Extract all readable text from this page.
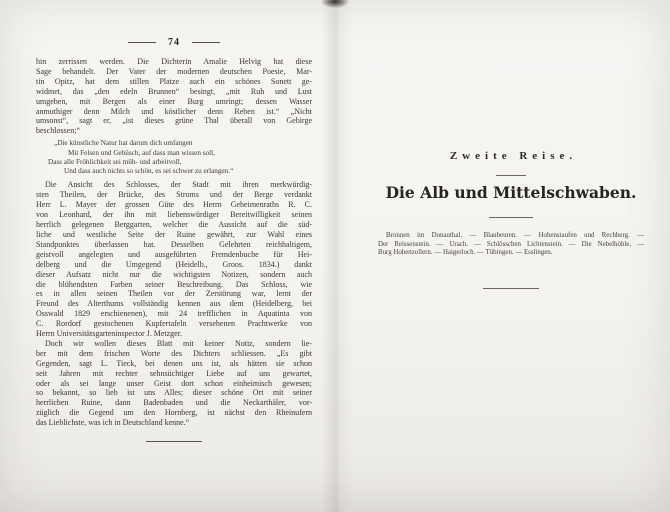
74
hin zerrissen werden. Die Dichterin Amalie Helvig hat diese
Sage behandelt. Der Vater der modernen deutschen Poesie, Mar-
tin Opitz, hat dem stillen Platze auch ein schönes Sonett ge-
widmet, das „den edeln Brunnen“ besingt, „mit Ruh und Lust
umgeben, mit Bergen als einer Burg umringt; dessen Wasser
anmuthiger denn Milch und köstlicher denn Reben ist.“ „Nicht
umsonst“, sagt er, „ist dieses grüne Thal überall von Gebirge
beschlossen;“
„Die künstliche Natur hat darum dich umfangen
Mit Felsen und Gebüsch, auf dass man wissen soll,
Dass alle Fröhlichkeit sei müh- und arbeitvoll,
Und dass auch nichts so schön, es sei schwer zu erlangen.“
Die Ansicht des Schlosses, der Stadt mit ihren merkwürdig-
sten Theilen, der Brücke, des Stroms und der Berge verdankt
Herr L. Mayer der grossen Güte des Herrn Geheimenraths R. C.
von Leonhard, der ihn mit liebenswürdiger Bereitwilligkeit seinen
herrlich gelegenen Berggarten, welcher die Aussicht auf die süd-
liche und westliche Seite der Ruine gewährt, zur Wahl eines
Standpunktes überlassen hat. Desselben Gelehrten reichhaltigem,
geistvoll angelegten und ausgeführten Fremdenbuche für Hei-
delberg und die Umgegend (Heidelb., Groos. 1834.) dankt
dieser Aufsatz nicht nur die wichtigsten Notizen, sondern auch
die blühendsten Farben seiner Beschreibung. Das Schloss, wie
es in allen seinen Theilen vor der Zerstörung war, lernt der
Freund des Alterthums vollständig kennen aus dem (Heidelberg, bei
Osswald 1829 erschienenen), mit 24 trefflichen in Aquatinta von
C. Rordorf gestochenen Kupfertafeln versehenen Prachtwerke von
Herrn Universitätsgarteninspector J. Metzger.
Doch wir wollen dieses Blatt mit keiner Notiz, sondern lie-
ber mit dem frischen Worte des Dichters schliessen. „Es gibt
Gegenden, sagt L. Tieck, bei denen uns ist, als hätten sie schon
seit Jahren mit rechter sehnsüchtiger Liebe auf uns gewartet,
oder als sei lange unser Geist dort schon einheimisch gewesen;
so bekannt, so lieb ist uns Alles; dieser schöne Ort mit seiner
herrlichen Ruine, dann Badenbaden und die Neckarthäler, vor-
züglich die Gegend um den Hornberg, ist nächst den Rheinufern
das Lieblichste, was ich in Deutschland kenne.“
Zweite Reise.
Die Alb und Mittelschwaben.
Bronnen im Donauthal. — Blaubeuren. — Hohenstaufen und Rechberg. —
Der Reissenstein. — Urach. — Schlösschen Lichtenstein. — Die Nebelhöhle, —
Burg Hohenzollern. — Haigerloch. — Tübingen. — Esslingen.
